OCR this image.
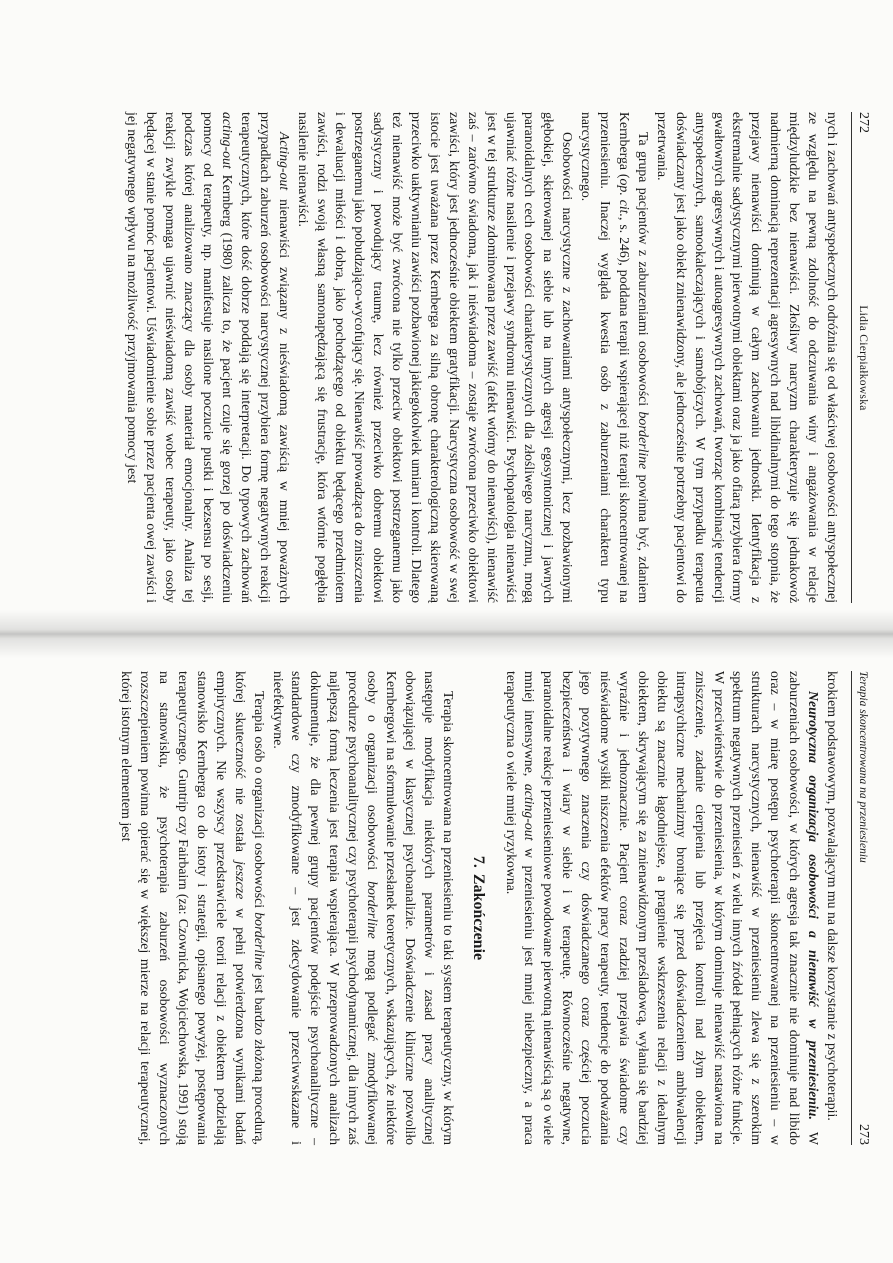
272
Lidia Cierpiałkowska

nych i zachowań antyspołecznych odróżnia się od właściwej osobowości antyspołecznej ze względu na pewną zdolność do odczuwania winy i angażowania w relacje międzyludzkie bez nienawiści. Złośliwy narcyzm charakteryzuje się jednakowoż nadmierną dominacją reprezentacji agresywnych nad libidinalnymi do tego stopnia, że przejawy nienawiści dominują w całym zachowaniu jednostki. Identyfikacja z ekstremalnie sadystycznymi pierwotnymi obiektami oraz ja jako ofiarą przybiera formy gwałtownych agresywnych i autoagresywnych zachowań, tworząc kombinację tendencji antyspołecznych, samookaleczających i samobójczych. W tym przypadku terapeuta doświadczany jest jako obiekt znienawidzony, ale jednocześnie potrzebny pacjentowi do przetrwania.

Ta grupa pacjentów z zaburzeniami osobowości borderline powinna być, zdaniem Kernberga (op. cit., s. 246), poddana terapii wspierającej niż terapii skoncentrowanej na przeniesieniu. Inaczej wygląda kwestia osób z zaburzeniami charakteru typu narcystycznego.

Osobowości narcystyczne z zachowaniami antyspołecznymi, lecz pozbawionymi głębokiej, skierowanej na siebie lub na innych agresji egosyntonicznej i jawnych paranoidalnych cech osobowości charakterystycznych dla złośliwego narcyzmu, mogą ujawniać różne nasilenie i przejawy syndromu nienawiści. Psychopatologia nienawiści jest w tej strukturze zdominowana przez zawiść (afekt wtórny do nienawiści), nienawiść zaś – zarówno świadoma, jak i nieświadoma – zostaje zwrócona przeciwko obiektowi zawiści, który jest jednocześnie obiektem gratyfikacji. Narcystyczna osobowość w swej istocie jest uważana przez Kernberga za silną obronę charakterologiczną skierowaną przeciwko uaktywnianiu zawiści pozbawionej jakiegokolwiek umiaru i kontroli. Dlatego też nienawiść może być zwrócona nie tylko przeciw obiektowi postrzeganemu jako sadystyczny i powodujący traumę, lecz również przeciwko dobremu obiektowi postrzeganemu jako pobudzająco-wycofujący się. Nienawiść prowadząca do zniszczenia i dewaluacji miłości i dobra, jako pochodzącego od obiektu będącego przedmiotem zawiści, rodzi swoją własną samonapędzającą się frustrację, która wtórnie pogłębia nasilenie nienawiści.

Acting-out nienawiści związany z nieświadomą zawiścią w mniej poważnych przypadkach zaburzeń osobowości narcystycznej przybiera formę negatywnych reakcji terapeutycznych, które dość dobrze poddają się interpretacji. Do typowych zachowań acting-out Kernberg (1980) zalicza to, że pacjent czuje się gorzej po doświadczeniu pomocy od terapeuty, np. manifestuje nasilone poczucie pustki i bezsensu po sesji, podczas której analizowano znaczący dla osoby materiał emocjonalny. Analiza tej reakcji zwykle pomaga ujawnić nieświadomą zawiść wobec terapeuty, jako osoby będącej w stanie pomóc pacjentowi. Uświadomienie sobie przez pacjenta owej zawiści i jej negatywnego wpływu na możliwość przyjmowania pomocy jest

Terapia skoncentrowana na przeniesieniu
273

krokiem podstawowym, pozwalającym mu na dalsze korzystanie z psychoterapii.

Neurotyczna organizacja osobowości a nienawiść w przeniesieniu. W zaburzeniach osobowości, w których agresja tak znacznie nie dominuje nad libido oraz – w miarę postępu psychoterapii skoncentrowanej na przeniesieniu – w strukturach narcystycznych, nienawiść w przeniesieniu zlewa się z szerokim spektrum negatywnych przeniesień z wielu innych źródeł pełniących różne funkcje. W przeciwieństwie do przeniesienia, w którym dominuje nienawiść nastawiona na zniszczenie, zadanie cierpienia lub przejęcia kontroli nad złym obiektem, intrapsychiczne mechanizmy broniące się przed doświadczeniem ambiwalencji obiektu są znacznie łagodniejsze, a pragnienie wskrzeszenia relacji z idealnym obiektem, skrywającym się za znienawidzonym prześladowcą, wyłania się bardziej wyraźnie i jednoznacznie. Pacjent coraz rzadziej przejawia świadome czy nieświadome wysiłki niszczenia efektów pracy terapeuty, tendencje do podważania jego pozytywnego znaczenia czy doświadczanego coraz częściej poczucia bezpieczeństwa i wiary w siebie i w terapeutę. Równocześnie negatywne, paranoidalne reakcje przeniesieniowe powodowane pierwotną nienawiścią są o wiele mniej intensywne, acting-out w przeniesieniu jest mniej niebezpieczny, a praca terapeutyczna o wiele mniej ryzykowna.

7.Zakończenie

Terapia skoncentrowana na przeniesieniu to taki system terapeutyczny, w którym następuje modyfikacja niektórych parametrów i zasad pracy analitycznej obowiązującej w klasycznej psychoanalizie. Doświadczenie kliniczne pozwoliło Kernbergowi na sformułowanie przesłanek teoretycznych, wskazujących, że niektóre osoby o organizacji osobowości borderline mogą podlegać zmodyfikowanej procedurze psychoanalitycznej czy psychoterapii psychodynamicznej, dla innych zaś najlepszą formą leczenia jest terapia wspierająca. W przeprowadzonych analizach dokumentuje, że dla pewnej grupy pacjentów podejście psychoanalityczne – standardowe czy zmodyfikowane – jest zdecydowanie przeciwwskazane i nieefektywne.

Terapia osób o organizacji osobowości borderline jest bardzo złożoną procedurą, której skuteczność nie została jeszcze w pełni potwierdzona wynikami badań empirycznych. Nie wszyscy przedstawiciele teorii relacji z obiektem podzielają stanowisko Kernberga co do istoty i strategii, opisanego powyżej, postępowania terapeutycznego. Guntrip czy Fairbairn (za: Czownicka, Wojciechowska, 1991) stoją na stanowisku, że psychoterapia zaburzeń osobowości wyznaczonych rozszczepieniem powinna opierać się w większej mierze na relacji terapeutycznej, której istotnym elementem jest
